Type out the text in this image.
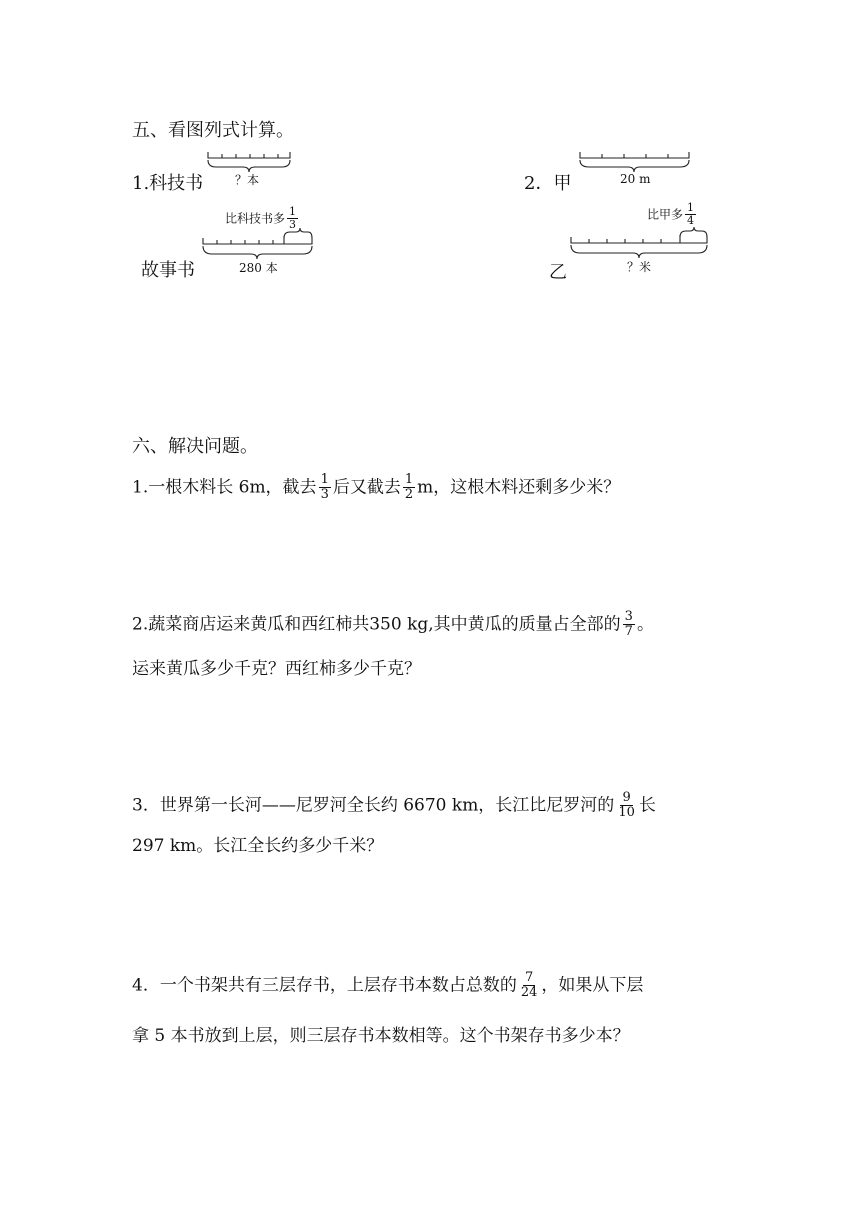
五、看图列式计算。
1.科技书	？本
比科技书多 $\frac{1}{3}$
280 本
故事书
2．甲	20 m
比甲多 $\frac{1}{4}$
？米
乙
六、解决问题。
1.一根木料长 6m，截去 $\frac{1}{3}$ 后又截去 $\frac{1}{2}$ m，这根木料还剩多少米？
2.蔬菜商店运来黄瓜和西红柿共350 kg,其中黄瓜的质量占全部的 $\frac{3}{7}$ 。
运来黄瓜多少千克？西红柿多少千克？
3．世界第一长河——尼罗河全长约 6670 km，长江比尼罗河的 $\frac{9}{10}$ 长
297 km。长江全长约多少千米？
4．一个书架共有三层存书，上层存书本数占总数的 $\frac{7}{24}$ ，如果从下层
拿 5 本书放到上层，则三层存书本数相等。这个书架存书多少本？
